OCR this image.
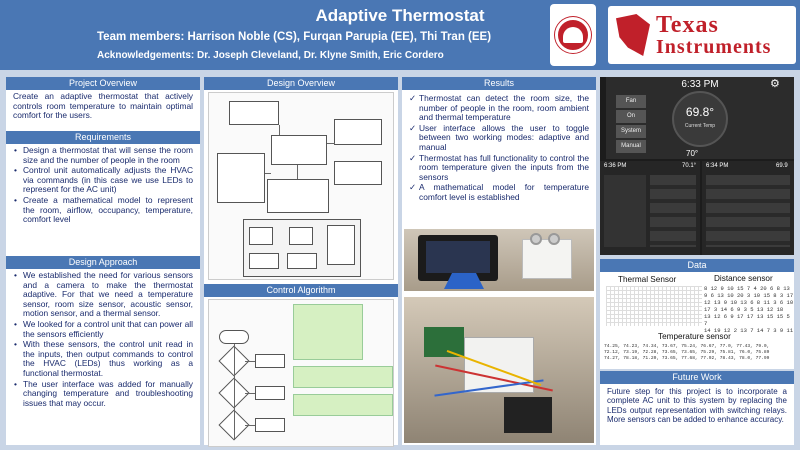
Adaptive Thermostat
Team members: Harrison Noble (CS), Furqan Parupia (EE), Thi Tran (EE)
Acknowledgements: Dr. Joseph Cleveland, Dr. Klyne Smith, Eric Cordero
Texas
Instruments
Project Overview
Create an adaptive thermostat that actively controls room temperature to maintain optimal comfort for the users.
Requirements
• Design a thermostat that will sense the room size and the number of people in the room
• Control unit automatically adjusts the HVAC via commands (in this case we use LEDs to represent for the AC unit)
• Create a mathematical model to represent the room, airflow, occupancy, temperature, comfort level
Design Approach
• We established the need for various sensors and a camera to make the thermostat adaptive. For that we need a temperature sensor, room size sensor, acoustic sensor, motion sensor, and a thermal sensor.
• We looked for a control unit that can power all the sensors efficiently
• With these sensors, the control unit read in the inputs, then output commands to control the HVAC (LEDs) thus working as a functional thermostat.
• The user interface was added for manually changing temperature and troubleshooting issues that may occur.
Design Overview
Control Algorithm
Results
✓ Thermostat can detect the room size, the number of people in the room, room ambient and thermal temperature
✓ User interface allows the user to toggle between two working modes: adaptive and manual
✓ Thermostat has full functionality to control the room temperature given the inputs from the sensors
✓ A mathematical model for temperature comfort level is established
6:33 PM	⚙
Fan
On
System
Manual
69.8°
Current Temp
70°
6:36 PM	70.1° 6:34 PM	69.9
Data
Thermal Sensor	Distance sensor
8 12 9 10 15 7 4 20 6 8 13
9 6 13 10 20 3 10 15 8 3 17
12 13 9 10 13 6 8 11 3 6 10
17 3 14 6 9 3 5 13 12 18
13 12 6 9 17 17 13 15 15 5 7
14 19 12 2 13 7 14 7 3 9 11
Temperature sensor
74.25, 74.23, 74.34, 73.67, 75.24, 76.67, 77.0, 77.43, 79.0,
72.12, 73.19, 72.28, 73.65, 73.65, 75.29, 75.81, 76.0, 75.89
74.27, 78.18, 71.20, 73.65, 77.68, 77.92, 78.43, 78.0, 77.99
Future Work
Future step for this project is to incorporate a complete AC unit to this system by replacing the LEDs output representation with switching relays. More sensors can be added to enhance accuracy.
